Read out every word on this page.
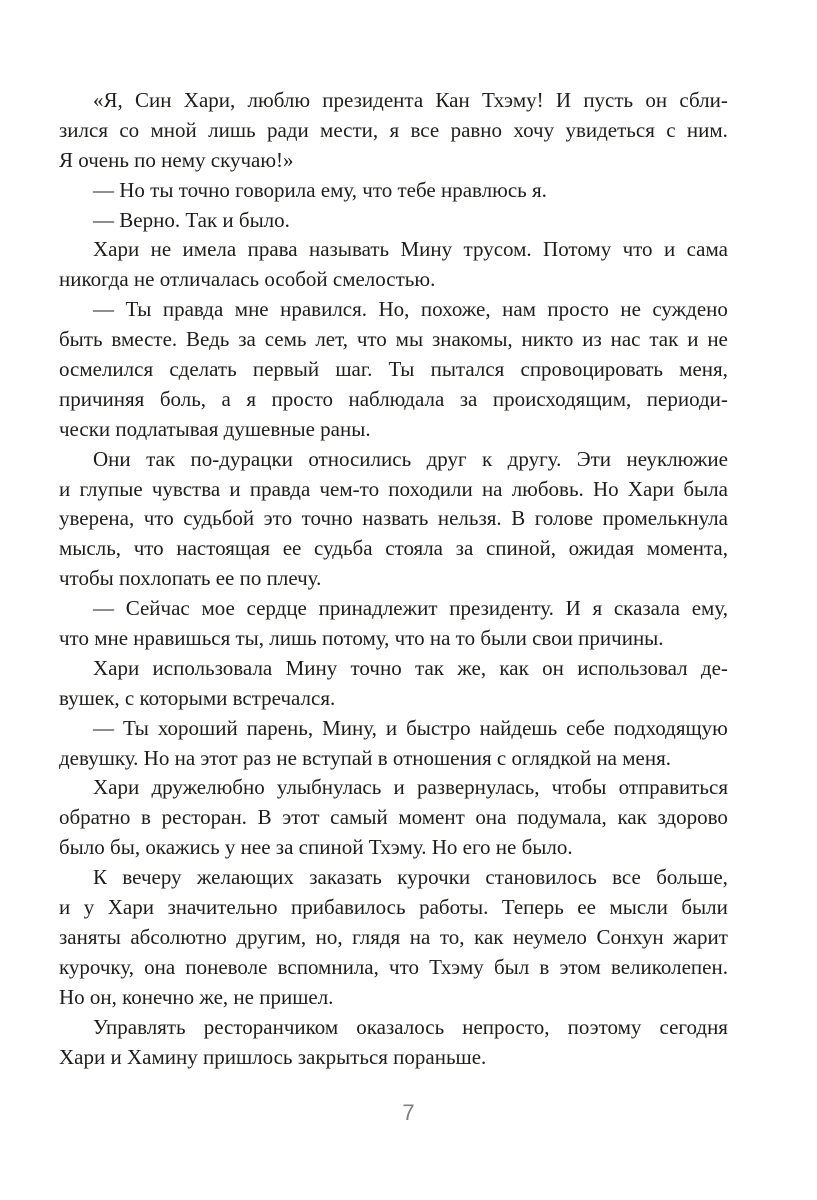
«Я, Син Хари, люблю президента Кан Тхэму! И пусть он сбли-
зился со мной лишь ради мести, я все равно хочу увидеться с ним.
Я очень по нему скучаю!»
— Но ты точно говорила ему, что тебе нравлюсь я.
— Верно. Так и было.
Хари не имела права называть Мину трусом. Потому что и сама
никогда не отличалась особой смелостью.
— Ты правда мне нравился. Но, похоже, нам просто не суждено
быть вместе. Ведь за семь лет, что мы знакомы, никто из нас так и не
осмелился сделать первый шаг. Ты пытался спровоцировать меня,
причиняя боль, а я просто наблюдала за происходящим, периоди-
чески подлатывая душевные раны.
Они так по-дурацки относились друг к другу. Эти неуклюжие
и глупые чувства и правда чем-то походили на любовь. Но Хари была
уверена, что судьбой это точно назвать нельзя. В голове промелькнула
мысль, что настоящая ее судьба стояла за спиной, ожидая момента,
чтобы похлопать ее по плечу.
— Сейчас мое сердце принадлежит президенту. И я сказала ему,
что мне нравишься ты, лишь потому, что на то были свои причины.
Хари использовала Мину точно так же, как он использовал де-
вушек, с которыми встречался.
— Ты хороший парень, Мину, и быстро найдешь себе подходящую
девушку. Но на этот раз не вступай в отношения с оглядкой на меня.
Хари дружелюбно улыбнулась и развернулась, чтобы отправиться
обратно в ресторан. В этот самый момент она подумала, как здорово
было бы, окажись у нее за спиной Тхэму. Но его не было.
К вечеру желающих заказать курочки становилось все больше,
и у Хари значительно прибавилось работы. Теперь ее мысли были
заняты абсолютно другим, но, глядя на то, как неумело Сонхун жарит
курочку, она поневоле вспомнила, что Тхэму был в этом великолепен.
Но он, конечно же, не пришел.
Управлять ресторанчиком оказалось непросто, поэтому сегодня
Хари и Хамину пришлось закрыться пораньше.
7
